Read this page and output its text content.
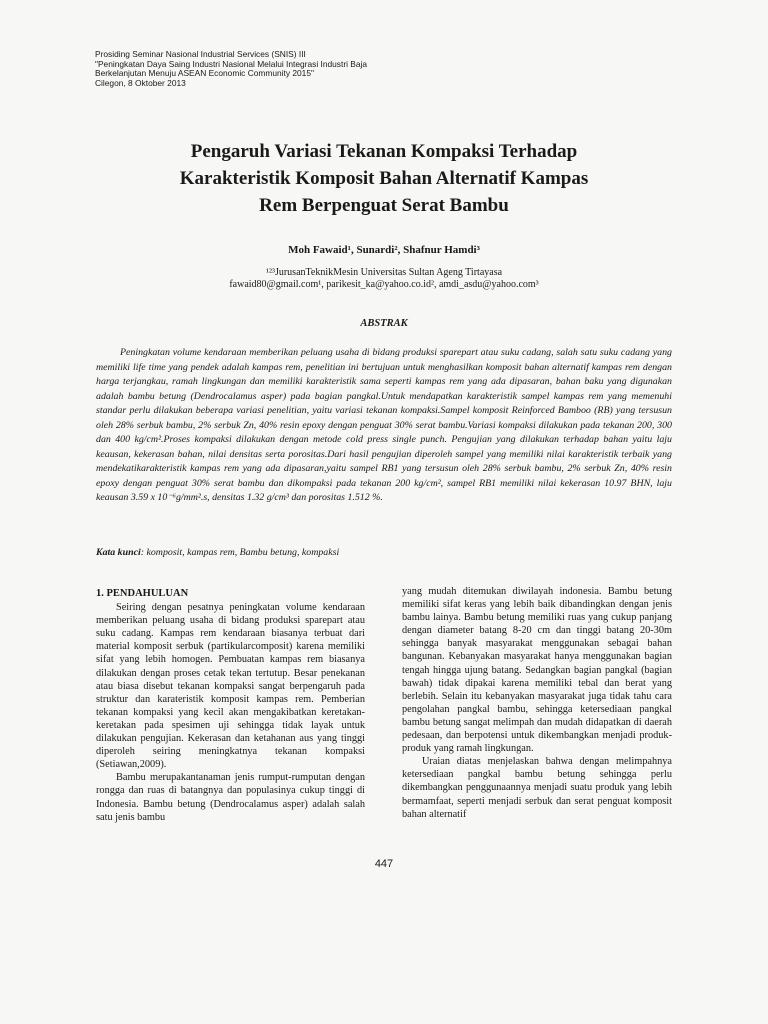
Prosiding Seminar Nasional Industrial Services (SNIS) III
"Peningkatan Daya Saing Industri Nasional Melalui Integrasi Industri Baja
Berkelanjutan Menuju ASEAN Economic Community 2015"
Cilegon, 8 Oktober 2013
Pengaruh Variasi Tekanan Kompaksi Terhadap
Karakteristik Komposit Bahan Alternatif Kampas
Rem Berpenguat Serat Bambu
Moh Fawaid¹, Sunardi², Shafnur Hamdi³
¹²³JurusanTeknikMesin Universitas Sultan Ageng Tirtayasa
fawaid80@gmail.com¹, parikesit_ka@yahoo.co.id², amdi_asdu@yahoo.com³
ABSTRAK

Peningkatan volume kendaraan memberikan peluang usaha di bidang produksi sparepart atau suku cadang, salah satu suku cadang yang memiliki life time yang pendek adalah kampas rem, penelitian ini bertujuan untuk menghasilkan komposit bahan alternatif kampas rem dengan harga terjangkau, ramah lingkungan dan memiliki karakteristik sama seperti kampas rem yang ada dipasaran, bahan baku yang digunakan adalah bambu betung (Dendrocalamus asper) pada bagian pangkal.Untuk mendapatkan karakteristik sampel kampas rem yang memenuhi standar perlu dilakukan beberapa variasi penelitian, yaitu variasi tekanan kompaksi.Sampel komposit Reinforced Bamboo (RB) yang tersusun oleh 28% serbuk bambu, 2% serbuk Zn, 40% resin epoxy dengan penguat 30% serat bambu.Variasi kompaksi dilakukan pada tekanan 200, 300 dan 400 kg/cm².Proses kompaksi dilakukan dengan metode cold press single punch. Pengujian yang dilakukan terhadap bahan yaitu laju keausan, kekerasan bahan, nilai densitas serta porositas.Dari hasil pengujian diperoleh sampel yang memiliki nilai karakteristik terbaik yang mendekatikarakteristik kampas rem yang ada dipasaran,yaitu sampel RB1 yang tersusun oleh 28% serbuk bambu, 2% serbuk Zn, 40% resin epoxy dengan penguat 30% serat bambu dan dikompaksi pada tekanan 200 kg/cm², sampel RB1 memiliki nilai kekerasan 10.97 BHN, laju keausan 3.59 x 10⁻⁶g/mm².s, densitas 1.32 g/cm³ dan porositas 1.512 %.

Kata kunci: komposit, kampas rem, Bambu betung, kompaksi
1. PENDAHULUAN

Seiring dengan pesatnya peningkatan volume kendaraan memberikan peluang usaha di bidang produksi sparepart atau suku cadang. Kampas rem kendaraan biasanya terbuat dari material komposit serbuk (partikularcomposit) karena memiliki sifat yang lebih homogen. Pembuatan kampas rem biasanya dilakukan dengan proses cetak tekan tertutup. Besar penekanan atau biasa disebut tekanan kompaksi sangat berpengaruh pada struktur dan karateristik komposit kampas rem. Pemberian tekanan kompaksi yang kecil akan mengakibatkan keretakan-keretakan pada spesimen uji sehingga tidak layak untuk dilakukan pengujian. Kekerasan dan ketahanan aus yang tinggi diperoleh seiring meningkatnya tekanan kompaksi (Setiawan,2009).

Bambu merupakantanaman jenis rumput-rumputan dengan rongga dan ruas di batangnya dan populasinya cukup tinggi di Indonesia. Bambu betung (Dendrocalamus asper) adalah salah satu jenis bambu

yang mudah ditemukan diwilayah indonesia. Bambu betung memiliki sifat keras yang lebih baik dibandingkan dengan jenis bambu lainya. Bambu betung memiliki ruas yang cukup panjang dengan diameter batang 8-20 cm dan tinggi batang 20-30m sehingga banyak masyarakat menggunakan sebagai bahan bangunan. Kebanyakan masyarakat hanya menggunakan bagian tengah hingga ujung batang. Sedangkan bagian pangkal (bagian bawah) tidak dipakai karena memiliki tebal dan berat yang berlebih. Selain itu kebanyakan masyarakat juga tidak tahu cara pengolahan pangkal bambu, sehingga ketersediaan pangkal bambu betung sangat melimpah dan mudah didapatkan di daerah pedesaan, dan berpotensi untuk dikembangkan menjadi produk-produk yang ramah lingkungan.

Uraian diatas menjelaskan bahwa dengan melimpahnya ketersediaan pangkal bambu betung sehingga perlu dikembangkan penggunaannya menjadi suatu produk yang lebih bermamfaat, seperti menjadi serbuk dan serat penguat komposit bahan alternatif

447
